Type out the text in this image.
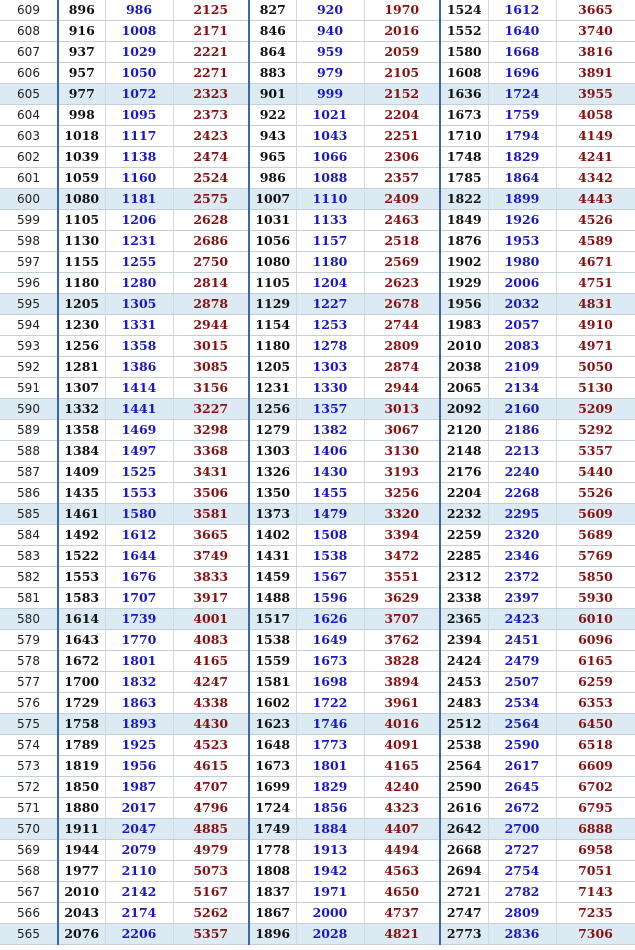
609	896	986	2125	827	920	1970	1524	1612	3665
608	916	1008	2171	846	940	2016	1552	1640	3740
607	937	1029	2221	864	959	2059	1580	1668	3816
606	957	1050	2271	883	979	2105	1608	1696	3891
605	977	1072	2323	901	999	2152	1636	1724	3955
604	998	1095	2373	922	1021	2204	1673	1759	4058
603	1018	1117	2423	943	1043	2251	1710	1794	4149
602	1039	1138	2474	965	1066	2306	1748	1829	4241
601	1059	1160	2524	986	1088	2357	1785	1864	4342
600	1080	1181	2575	1007	1110	2409	1822	1899	4443
599	1105	1206	2628	1031	1133	2463	1849	1926	4526
598	1130	1231	2686	1056	1157	2518	1876	1953	4589
597	1155	1255	2750	1080	1180	2569	1902	1980	4671
596	1180	1280	2814	1105	1204	2623	1929	2006	4751
595	1205	1305	2878	1129	1227	2678	1956	2032	4831
594	1230	1331	2944	1154	1253	2744	1983	2057	4910
593	1256	1358	3015	1180	1278	2809	2010	2083	4971
592	1281	1386	3085	1205	1303	2874	2038	2109	5050
591	1307	1414	3156	1231	1330	2944	2065	2134	5130
590	1332	1441	3227	1256	1357	3013	2092	2160	5209
589	1358	1469	3298	1279	1382	3067	2120	2186	5292
588	1384	1497	3368	1303	1406	3130	2148	2213	5357
587	1409	1525	3431	1326	1430	3193	2176	2240	5440
586	1435	1553	3506	1350	1455	3256	2204	2268	5526
585	1461	1580	3581	1373	1479	3320	2232	2295	5609
584	1492	1612	3665	1402	1508	3394	2259	2320	5689
583	1522	1644	3749	1431	1538	3472	2285	2346	5769
582	1553	1676	3833	1459	1567	3551	2312	2372	5850
581	1583	1707	3917	1488	1596	3629	2338	2397	5930
580	1614	1739	4001	1517	1626	3707	2365	2423	6010
579	1643	1770	4083	1538	1649	3762	2394	2451	6096
578	1672	1801	4165	1559	1673	3828	2424	2479	6165
577	1700	1832	4247	1581	1698	3894	2453	2507	6259
576	1729	1863	4338	1602	1722	3961	2483	2534	6353
575	1758	1893	4430	1623	1746	4016	2512	2564	6450
574	1789	1925	4523	1648	1773	4091	2538	2590	6518
573	1819	1956	4615	1673	1801	4165	2564	2617	6609
572	1850	1987	4707	1699	1829	4240	2590	2645	6702
571	1880	2017	4796	1724	1856	4323	2616	2672	6795
570	1911	2047	4885	1749	1884	4407	2642	2700	6888
569	1944	2079	4979	1778	1913	4494	2668	2727	6958
568	1977	2110	5073	1808	1942	4563	2694	2754	7051
567	2010	2142	5167	1837	1971	4650	2721	2782	7143
566	2043	2174	5262	1867	2000	4737	2747	2809	7235
565	2076	2206	5357	1896	2028	4821	2773	2836	7306
